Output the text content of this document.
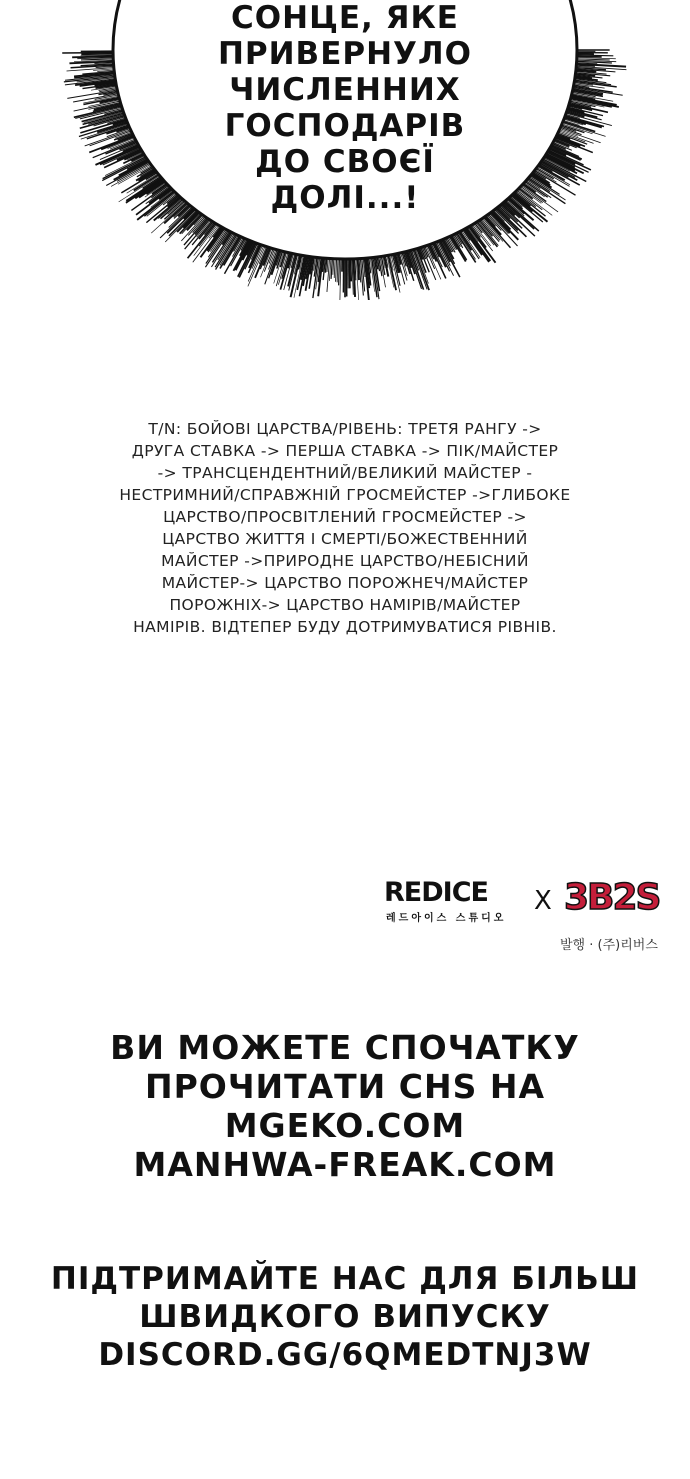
СОНЦЕ, ЯКЕ
ПРИВЕРНУЛО
ЧИСЛЕННИХ
ГОСПОДАРІВ
ДО СВОЄЇ
ДОЛІ...!
T/N: БОЙОВІ ЦАРСТВА/РІВЕНЬ: ТРЕТЯ РАНГУ ->
ДРУГА СТАВКА -> ПЕРША СТАВКА -> ПІК/МАЙСТЕР
-> ТРАНСЦЕНДЕНТНИЙ/ВЕЛИКИЙ МАЙСТЕР -
НЕСТРИМНИЙ/СПРАВЖНІЙ ГРОСМЕЙСТЕР ->ГЛИБОКЕ
ЦАРСТВО/ПРОСВІТЛЕНИЙ ГРОСМЕЙСТЕР ->
ЦАРСТВО ЖИТТЯ І СМЕРТІ/БОЖЕСТВЕННИЙ
МАЙСТЕР ->ПРИРОДНЕ ЦАРСТВО/НЕБІСНИЙ
МАЙСТЕР-> ЦАРСТВО ПОРОЖНЕЧ/МАЙСТЕР
ПОРОЖНІХ-> ЦАРСТВО НАМІРІВ/МАЙСТЕР
НАМІРІВ. ВІДТЕПЕР БУДУ ДОТРИМУВАТИСЯ РІВНІВ.
REDICE
레드아이스 스튜디오
X 3B2S
발행 · (주)리버스
ВИ МОЖЕТЕ СПОЧАТКУ
ПРОЧИТАТИ CHS НА
MGEKO.COM
MANHWA-FREAK.COM
ПІДТРИМАЙТЕ НАС ДЛЯ БІЛЬШ
ШВИДКОГО ВИПУСКУ
DISCORD.GG/6QMEDTNJ3W
